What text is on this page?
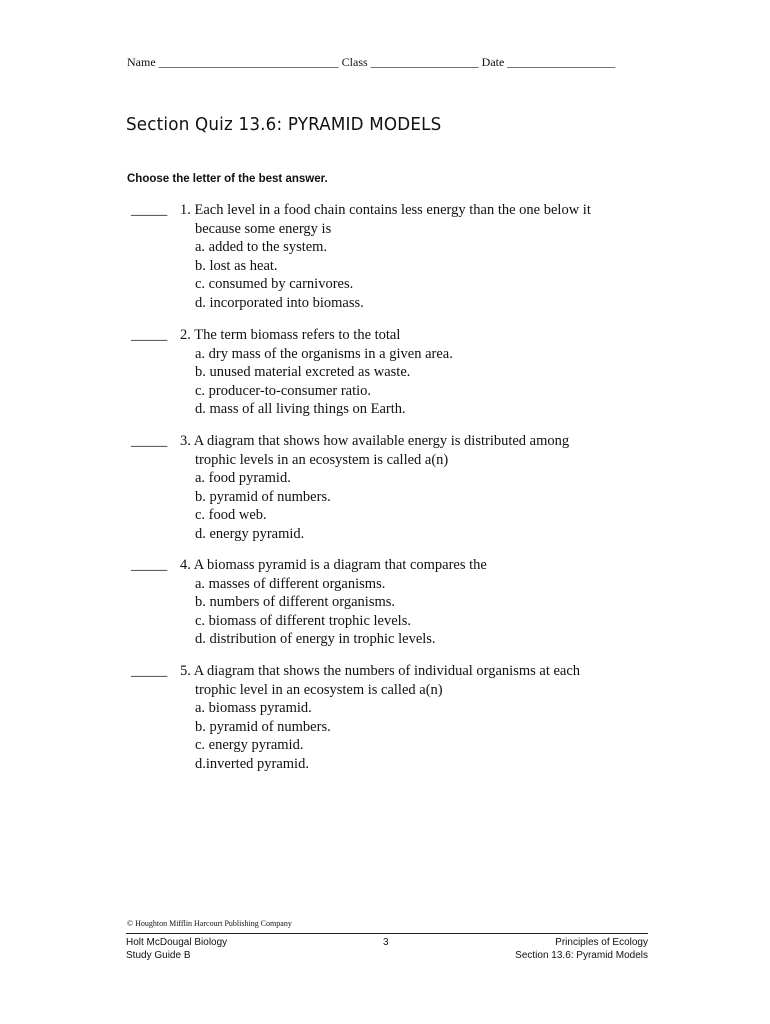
Name ______________________________ Class __________________ Date __________________
Section Quiz 13.6: PYRAMID MODELS
Choose the letter of the best answer.
_____ 1. Each level in a food chain contains less energy than the one below it
because some energy is
a. added to the system.
b. lost as heat.
c. consumed by carnivores.
d. incorporated into biomass.
_____ 2. The term biomass refers to the total
a. dry mass of the organisms in a given area.
b. unused material excreted as waste.
c. producer-to-consumer ratio.
d. mass of all living things on Earth.
_____ 3. A diagram that shows how available energy is distributed among
trophic levels in an ecosystem is called a(n)
a. food pyramid.
b. pyramid of numbers.
c. food web.
d. energy pyramid.
_____ 4. A biomass pyramid is a diagram that compares the
a. masses of different organisms.
b. numbers of different organisms.
c. biomass of different trophic levels.
d. distribution of energy in trophic levels.
_____ 5. A diagram that shows the numbers of individual organisms at each
trophic level in an ecosystem is called a(n)
a. biomass pyramid.
b. pyramid of numbers.
c. energy pyramid.
d.inverted pyramid.
© Houghton Mifflin Harcourt Publishing Company
Holt McDougal Biology
Study Guide B
3	Principles of Ecology
Section 13.6: Pyramid Models
